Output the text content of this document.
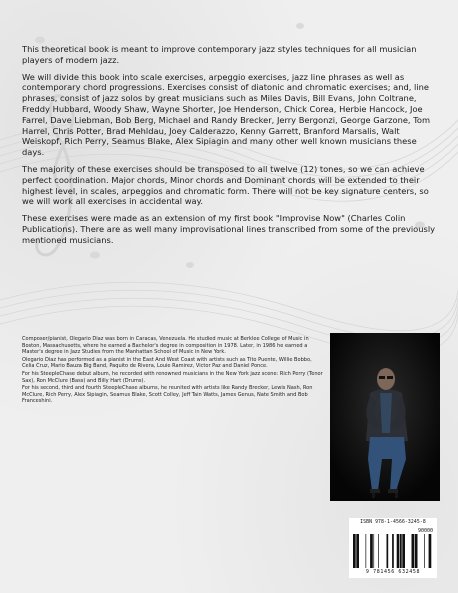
This theoretical book is meant to improve contemporary jazz styles techniques for all musician players of modern jazz.

We will divide this book into scale exercises, arpeggio exercises, jazz line phrases as well as contemporary chord progressions. Exercises consist of diatonic and chromatic exercises; and, line phrases, consist of jazz solos by great musicians such as Miles Davis, Bill Evans, John Coltrane, Freddy Hubbard, Woody Shaw, Wayne Shorter, Joe Henderson, Chick Corea, Herbie Hancock, Joe Farrel, Dave Liebman, Bob Berg, Michael and Randy Brecker, Jerry Bergonzi, George Garzone, Tom Harrel, Chris Potter, Brad Mehldau, Joey Calderazzo, Kenny Garrett, Branford Marsalis, Walt Weiskopf, Rich Perry, Seamus Blake, Alex Sipiagin and many other well known musicians these days.

The majority of these exercises should be transposed to all twelve (12) tones, so we can achieve perfect coordination. Major chords, Minor chords and Dominant chords will be extended to their highest level, in scales, arpeggios and chromatic form. There will not be key signature centers, so we will work all exercises in accidental way.

These exercises were made as an extension of my first book "Improvise Now" (Charles Colin Publications). There are as well many improvisational lines transcribed from some of the previously mentioned musicians.

Composer/pianist, Olegario Diaz was born in Caracas, Venezuela. He studied music at Berklee College of Music in Boston, Massachusetts, where he earned a Bachelor's degree in composition in 1978. Later, in 1986 he earned a Master's degree in Jazz Studies from the Manhattan School of Music in New York.

Olegario Diaz has performed as a pianist in the East And West Coast with artists such as Tito Puente, Willie Bobbo, Celia Cruz, Mario Bauza Big Band, Paquito de Rivera, Louie Ramirez, Victor Paz and Daniel Ponce.

For his SteepleChase debut album, he recorded with renowned musicians in the New York jazz scene: Rich Perry (Tenor Sax), Ron McClure (Bass) and Billy Hart (Drums).

For his second, third and fourth SteepleChase albums, he reunited with artists like Randy Brecker, Lewis Nash, Ron McClure, Rich Perry, Alex Sipiagin, Seamus Blake, Scott Colley, Jeff Tain Watts, James Genus, Nate Smith and Bob Franceshini.

ISBN 978-1-4566-3245-8
90000
9 781456 632458
